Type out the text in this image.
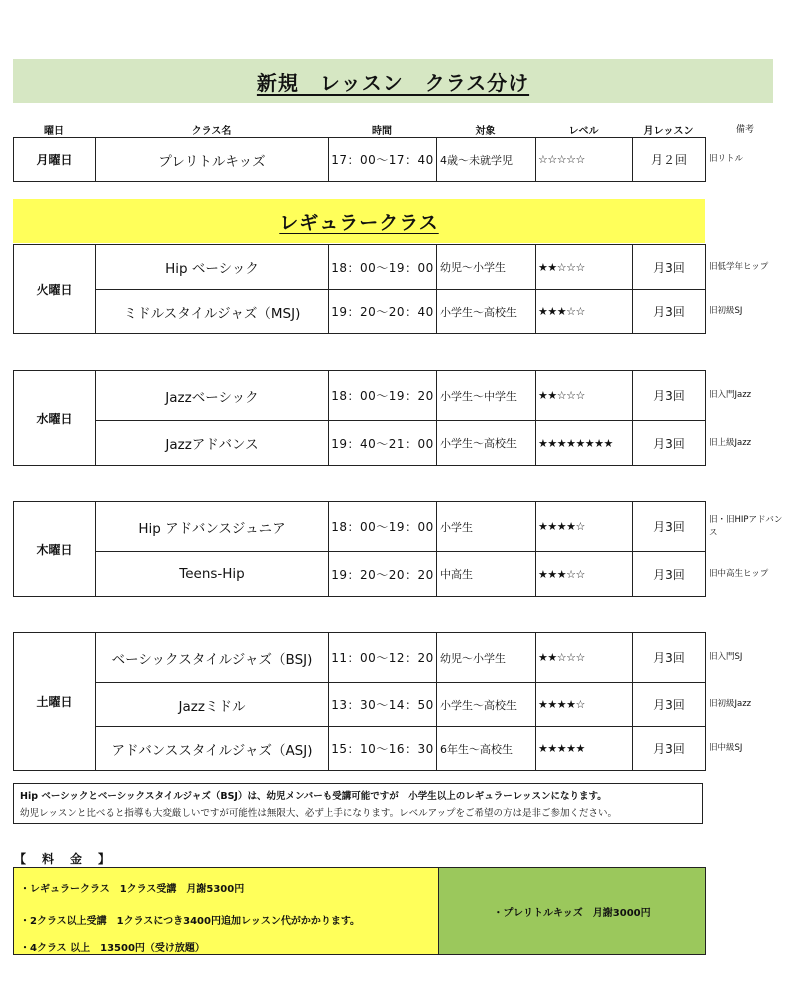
新規　レッスン　クラス分け
曜日	クラス名	時間	対象	レベル	月レッスン	備考
月曜日	プレリトルキッズ	17：00〜17：40	4歳〜未就学児	☆☆☆☆☆	月２回	旧リトル
レギュラークラス
火曜日	Hip ベーシック	18：00〜19：00	幼児〜小学生	★★☆☆☆	月3回	旧低学年ヒップ
	ミドルスタイルジャズ（MSJ)	19：20〜20：40	小学生〜高校生	★★★☆☆	月3回	旧初級SJ
水曜日	Jazzベーシック	18：00〜19：20	小学生〜中学生	★★☆☆☆	月3回	旧入門Jazz
	Jazzアドバンス	19：40〜21：00	小学生〜高校生	★★★★★★★★	月3回	旧上級Jazz
木曜日	Hip アドバンスジュニア	18：00〜19：00	小学生	★★★★☆	月3回	旧・旧HIPアドバンス
	Teens-Hip	19：20〜20：20	中高生	★★★☆☆	月3回	旧中高生ヒップ
土曜日	ベーシックスタイルジャズ（BSJ)	11：00〜12：20	幼児〜小学生	★★☆☆☆	月3回	旧入門SJ
	Jazzミドル	13：30〜14：50	小学生〜高校生	★★★★☆	月3回	旧初級Jazz
	アドバンススタイルジャズ（ASJ)	15：10〜16：30	6年生〜高校生	★★★★★	月3回	旧中級SJ
Hip ベーシックとベーシックスタイルジャズ（BSJ）は、幼児メンバーも受講可能ですが　小学生以上のレギュラーレッスンになります。
幼児レッスンと比べると指導も大変厳しいですが可能性は無限大、必ず上手になります。レベルアップをご希望の方は是非ご参加ください。
【　料　金　】
・レギュラークラス　1クラス受講　月謝5300円
・2クラス以上受講　1クラスにつき3400円追加レッスン代がかかります。
・4クラス 以上　13500円（受け放題）
・プレリトルキッズ　月謝3000円
